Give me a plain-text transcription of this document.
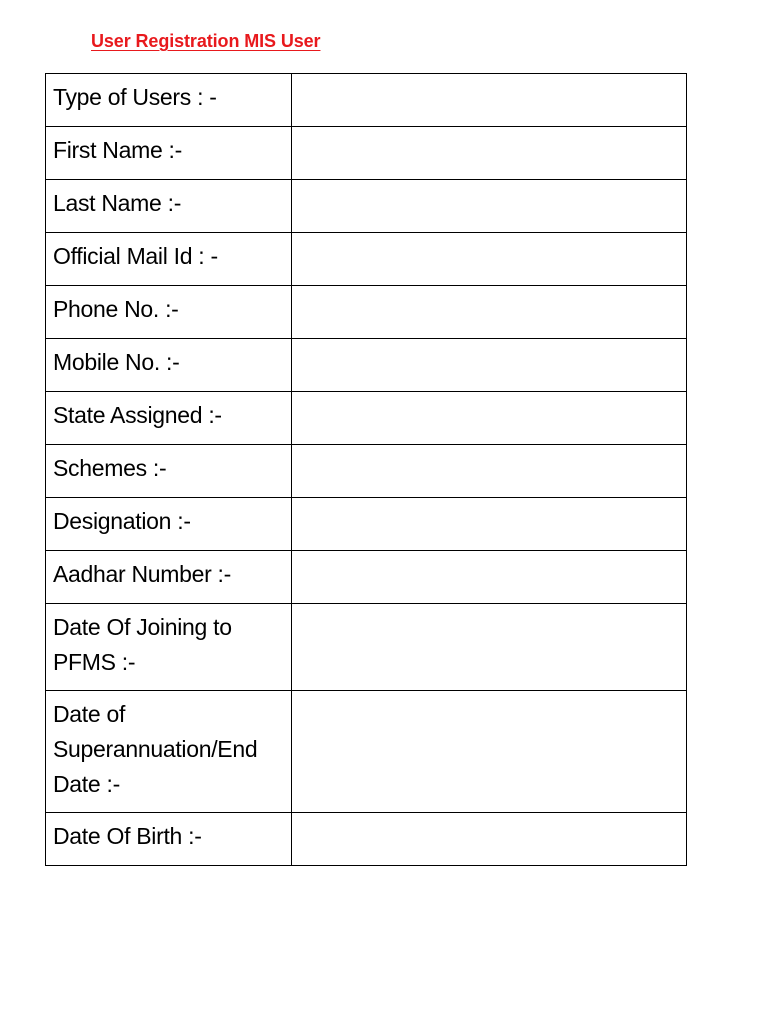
User Registration MIS User
Type of Users : -	

First Name :-	

Last Name :-	

Official Mail Id : -	

Phone No. :-	

Mobile No. :-	

State Assigned :-	

Schemes :-	

Designation :-	

Aadhar Number :-	

Date Of Joining to
PFMS :-	

Date of
Superannuation/End
Date :-	

Date Of Birth :-	
